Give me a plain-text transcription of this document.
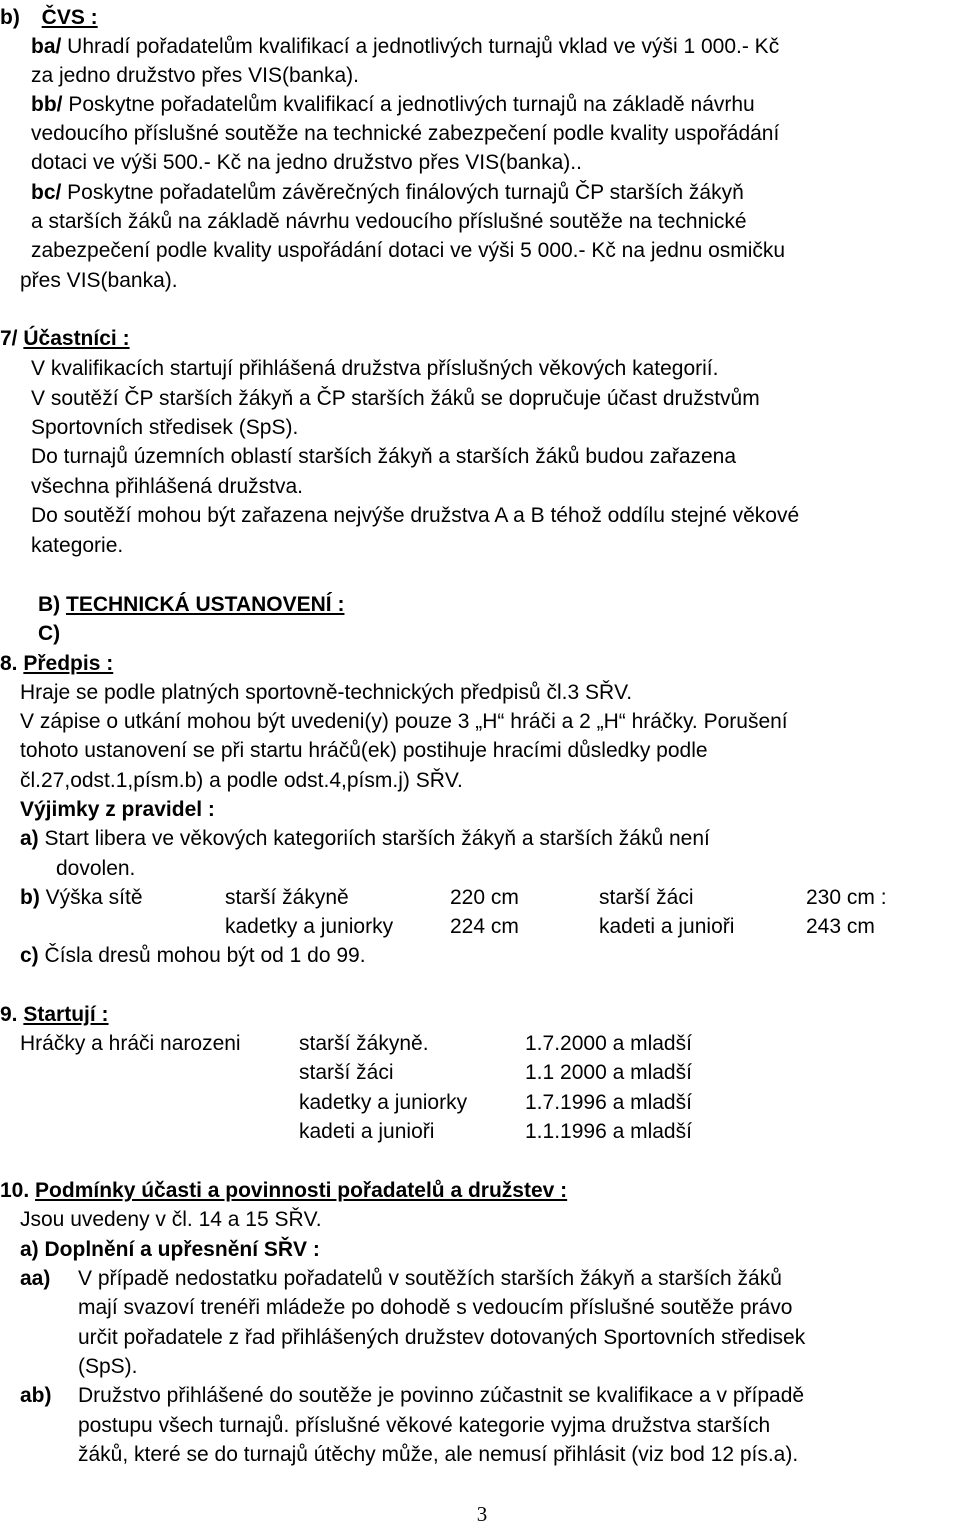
b) ČVS :
ba/ Uhradí pořadatelům kvalifikací a jednotlivých turnajů vklad ve výši 1 000.- Kč
za jedno družstvo přes VIS(banka).
bb/ Poskytne pořadatelům kvalifikací a jednotlivých turnajů na základě návrhu
vedoucího příslušné soutěže na technické zabezpečení podle kvality uspořádání
dotaci ve výši 500.- Kč na jedno družstvo přes VIS(banka)..
bc/ Poskytne pořadatelům závěrečných finálových turnajů ČP starších žákyň
a starších žáků na základě návrhu vedoucího příslušné soutěže na technické
zabezpečení podle kvality uspořádání dotaci ve výši 5 000.- Kč na jednu osmičku
přes VIS(banka).
7/ Účastníci :
V kvalifikacích startují přihlášená družstva příslušných věkových kategorií.
V soutěží ČP starších žákyň a ČP starších žáků se dopručuje účast družstvům
Sportovních středisek (SpS).
Do turnajů územních oblastí starších žákyň a starších žáků budou zařazena
všechna přihlášená družstva.
Do soutěží mohou být zařazena nejvýše družstva A a B téhož oddílu stejné věkové
kategorie.
B) TECHNICKÁ USTANOVENÍ :
C)
8. Předpis :
Hraje se podle platných sportovně-technických předpisů čl.3 SŘV.
V zápise o utkání mohou být uvedeni(y) pouze 3 „H“ hráči a 2 „H“ hráčky. Porušení
tohoto ustanovení se při startu hráčů(ek) postihuje hracími důsledky podle
čl.27,odst.1,písm.b) a podle odst.4,písm.j) SŘV.
Výjimky z pravidel :
a) Start libera ve věkových kategoriích starších žákyň a starších žáků není
dovolen.
b) Výška sítě	starší žákyně	220 cm	starší žáci	230 cm :
kadetky a juniorky	224 cm	kadeti a junioři	243 cm
c) Čísla dresů mohou být od 1 do 99.
9. Startují :
Hráčky a hráči narozeni	starší žákyně.	1.7.2000 a mladší
starší žáci	1.1 2000 a mladší
kadetky a juniorky	1.7.1996 a mladší
kadeti a junioři	1.1.1996 a mladší
10. Podmínky účasti a povinnosti pořadatelů a družstev :
Jsou uvedeny v čl. 14 a 15 SŘV.
a) Doplnění a upřesnění SŘV :
aa) V případě nedostatku pořadatelů v soutěžích starších žákyň a starších žáků
mají svazoví trenéři mládeže po dohodě s vedoucím příslušné soutěže právo
určit pořadatele z řad přihlášených družstev dotovaných Sportovních středisek
(SpS).
ab) Družstvo přihlášené do soutěže je povinno zúčastnit se kvalifikace a v případě
postupu všech turnajů. příslušné věkové kategorie vyjma družstva starších
žáků, které se do turnajů útěchy může, ale nemusí přihlásit (viz bod 12 pís.a).
3
